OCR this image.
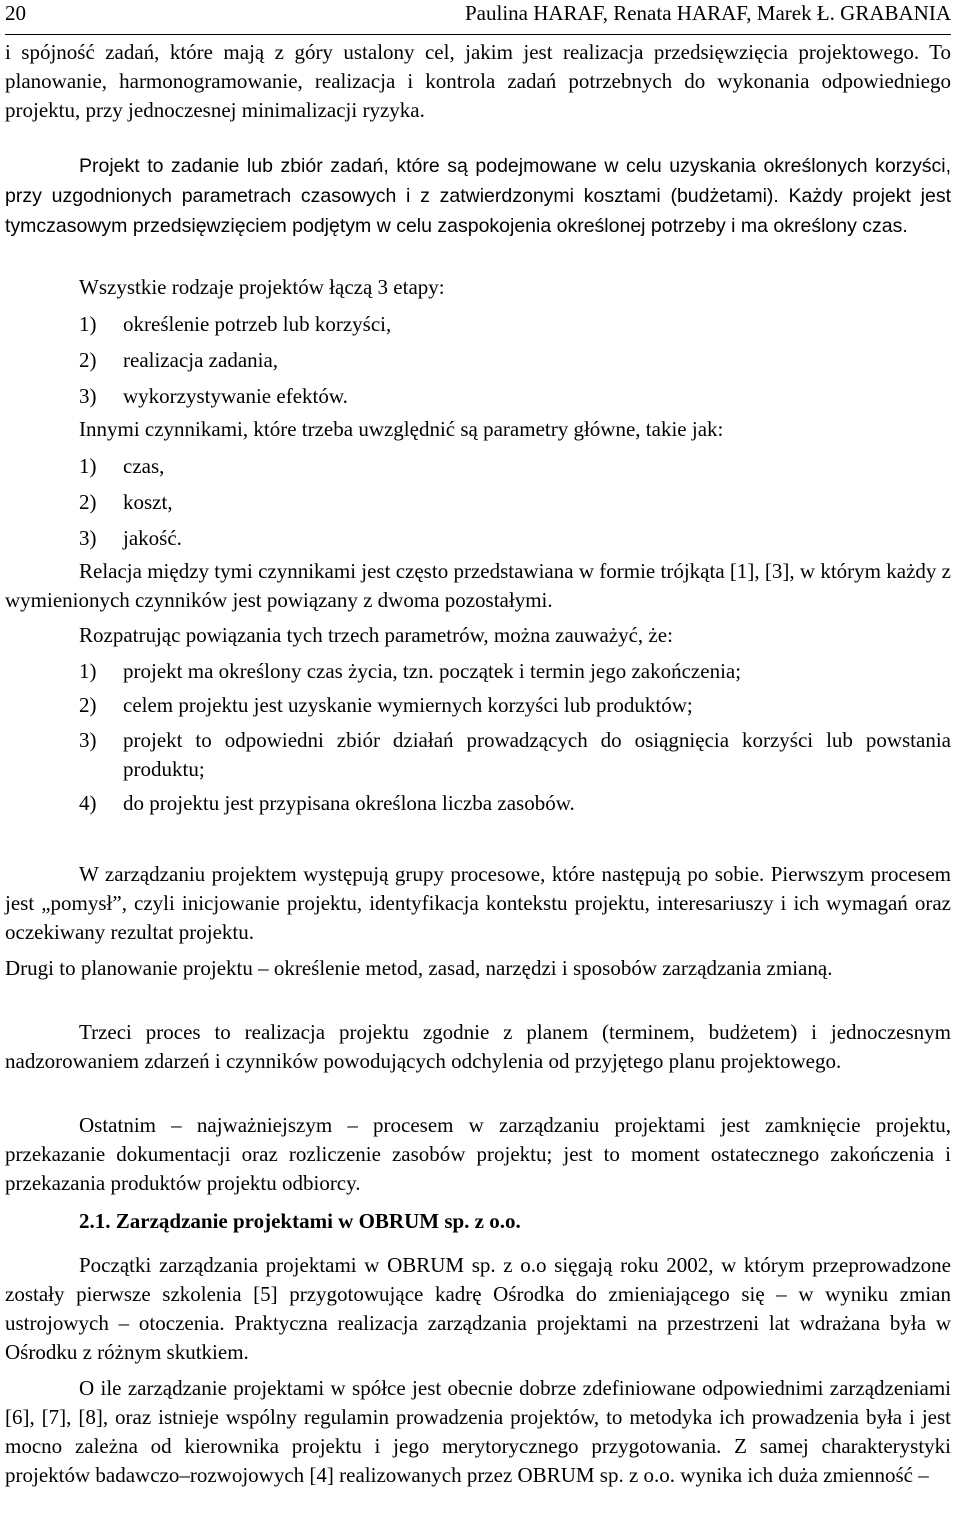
20	Paulina HARAF, Renata HARAF, Marek Ł. GRABANIA

i spójność zadań, które mają z góry ustalony cel, jakim jest realizacja przedsięwzięcia projektowego. To planowanie, harmonogramowanie, realizacja i kontrola zadań potrzebnych do wykonania odpowiedniego projektu, przy jednoczesnej minimalizacji ryzyka.

Projekt to zadanie lub zbiór zadań, które są podejmowane w celu uzyskania określonych korzyści, przy uzgodnionych parametrach czasowych i z zatwierdzonymi kosztami (budżetami). Każdy projekt jest tymczasowym przedsięwzięciem podjętym w celu zaspokojenia określonej potrzeby i ma określony czas.

Wszystkie rodzaje projektów łączą 3 etapy:
1) określenie potrzeb lub korzyści,
2) realizacja zadania,
3) wykorzystywanie efektów.
Innymi czynnikami, które trzeba uwzględnić są parametry główne, takie jak:
1) czas,
2) koszt,
3) jakość.

Relacja między tymi czynnikami jest często przedstawiana w formie trójkąta [1], [3], w którym każdy z wymienionych czynników jest powiązany z dwoma pozostałymi.

Rozpatrując powiązania tych trzech parametrów, można zauważyć, że:
1) projekt ma określony czas życia, tzn. początek i termin jego zakończenia;
2) celem projektu jest uzyskanie wymiernych korzyści lub produktów;
3) projekt to odpowiedni zbiór działań prowadzących do osiągnięcia korzyści lub powstania produktu;
4) do projektu jest przypisana określona liczba zasobów.

W zarządzaniu projektem występują grupy procesowe, które następują po sobie. Pierwszym procesem jest „pomysł”, czyli inicjowanie projektu, identyfikacja kontekstu projektu, interesariuszy i ich wymagań oraz oczekiwany rezultat projektu.

Drugi to planowanie projektu – określenie metod, zasad, narzędzi i sposobów zarządzania zmianą.

Trzeci proces to realizacja projektu zgodnie z planem (terminem, budżetem) i jednoczesnym nadzorowaniem zdarzeń i czynników powodujących odchylenia od przyjętego planu projektowego.

Ostatnim – najważniejszym – procesem w zarządzaniu projektami jest zamknięcie projektu, przekazanie dokumentacji oraz rozliczenie zasobów projektu; jest to moment ostatecznego zakończenia i przekazania produktów projektu odbiorcy.

2.1. Zarządzanie projektami w OBRUM sp. z o.o.

Początki zarządzania projektami w OBRUM sp. z o.o sięgają roku 2002, w którym przeprowadzone zostały pierwsze szkolenia [5] przygotowujące kadrę Ośrodka do zmieniającego się – w wyniku zmian ustrojowych – otoczenia. Praktyczna realizacja zarządzania projektami na przestrzeni lat wdrażana była w Ośrodku z różnym skutkiem.

O ile zarządzanie projektami w spółce jest obecnie dobrze zdefiniowane odpowiednimi zarządzeniami [6], [7], [8], oraz istnieje wspólny regulamin prowadzenia projektów, to metodyka ich prowadzenia była i jest mocno zależna od kierownika projektu i jego merytorycznego przygotowania. Z samej charakterystyki projektów badawczo–rozwojowych [4] realizowanych przez OBRUM sp. z o.o. wynika ich duża zmienność –
